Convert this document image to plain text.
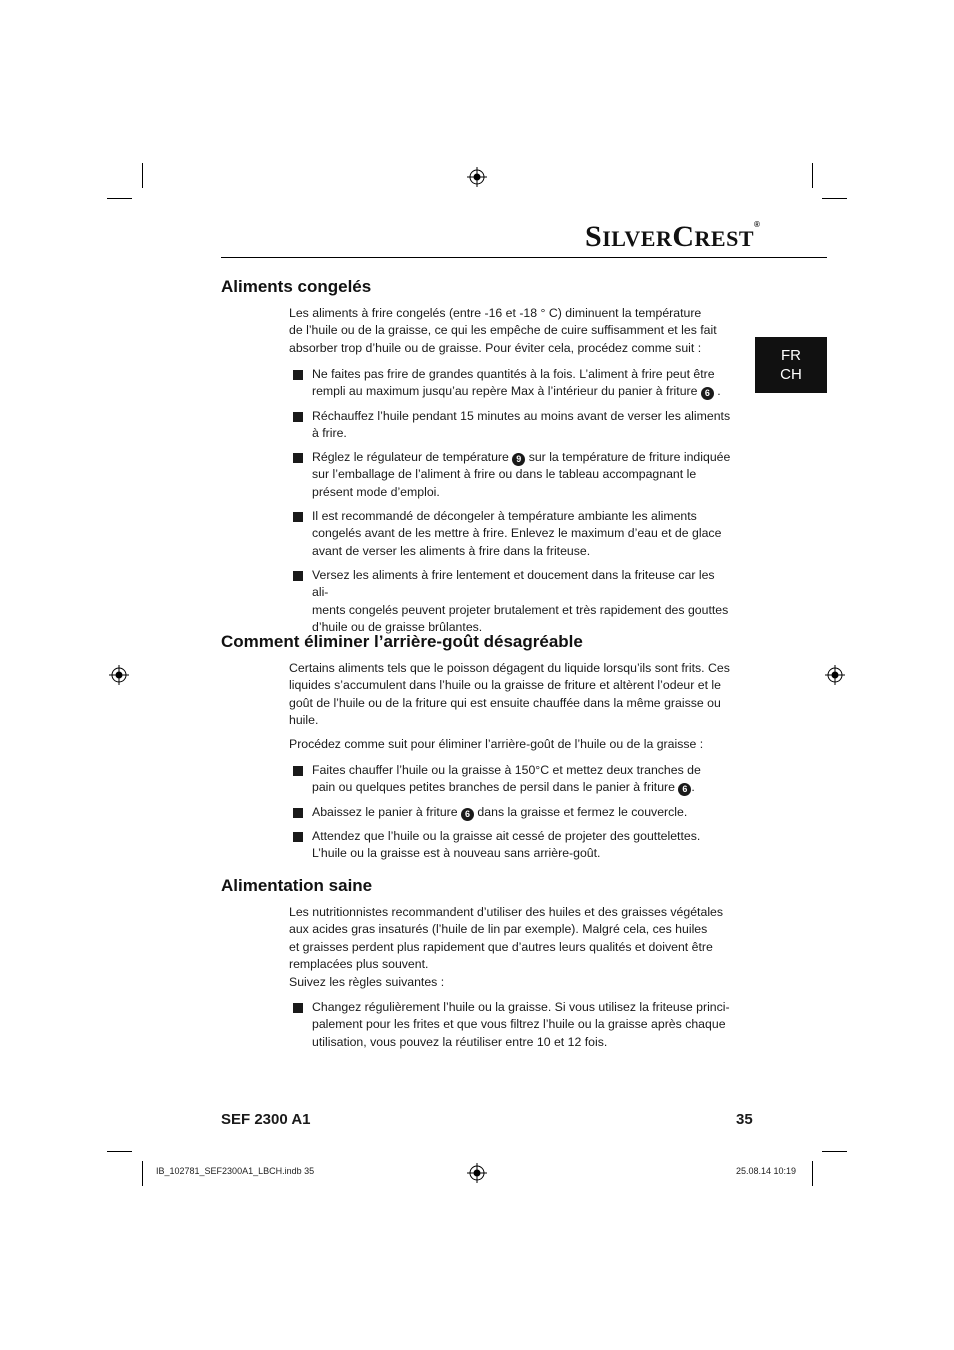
SILVERCREST®
FR
CH
Aliments congelés
Les aliments à frire congelés (entre -16 et -18 ° C) diminuent la température
de l’huile ou de la graisse, ce qui les empêche de cuire suffisamment et les fait
absorber trop d’huile ou de graisse. Pour éviter cela, procédez comme suit :
Ne faites pas frire de grandes quantités à la fois. L’aliment à frire peut être
rempli au maximum jusqu’au repère Max à l’intérieur du panier à friture 6 .
Réchauffez l’huile pendant 15 minutes au moins avant de verser les aliments
à frire.
Réglez le régulateur de température 9 sur la température de friture indiquée
sur l’emballage de l’aliment à frire ou dans le tableau accompagnant le
présent mode d’emploi.
Il est recommandé de décongeler à température ambiante les aliments
congelés avant de les mettre à frire. Enlevez le maximum d’eau et de glace
avant de verser les aliments à frire dans la friteuse.
Versez les aliments à frire lentement et doucement dans la friteuse car les ali-
ments congelés peuvent projeter brutalement et très rapidement des gouttes
d’huile ou de graisse brûlantes.
Comment éliminer l’arrière-goût désagréable
Certains aliments tels que le poisson dégagent du liquide lorsqu’ils sont frits. Ces
liquides s’accumulent dans l’huile ou la graisse de friture et altèrent l’odeur et le
goût de l’huile ou de la friture qui est ensuite chauffée dans la même graisse ou
huile.
Procédez comme suit pour éliminer l’arrière-goût de l’huile ou de la graisse :
Faites chauffer l’huile ou la graisse à 150°C et mettez deux tranches de
pain ou quelques petites branches de persil dans le panier à friture 6 .
Abaissez le panier à friture 6 dans la graisse et fermez le couvercle.
Attendez que l’huile ou la graisse ait cessé de projeter des gouttelettes.
L’huile ou la graisse est à nouveau sans arrière-goût.
Alimentation saine
Les nutritionnistes recommandent d’utiliser des huiles et des graisses végétales
aux acides gras insaturés (l’huile de lin par exemple). Malgré cela, ces huiles
et graisses perdent plus rapidement que d’autres leurs qualités et doivent être
remplacées plus souvent.
Suivez les règles suivantes :
Changez régulièrement l’huile ou la graisse. Si vous utilisez la friteuse princi-
palement pour les frites et que vous filtrez l’huile ou la graisse après chaque
utilisation, vous pouvez la réutiliser entre 10 et 12 fois.
SEF 2300 A1	35
IB_102781_SEF2300A1_LBCH.indb 35	25.08.14 10:19
